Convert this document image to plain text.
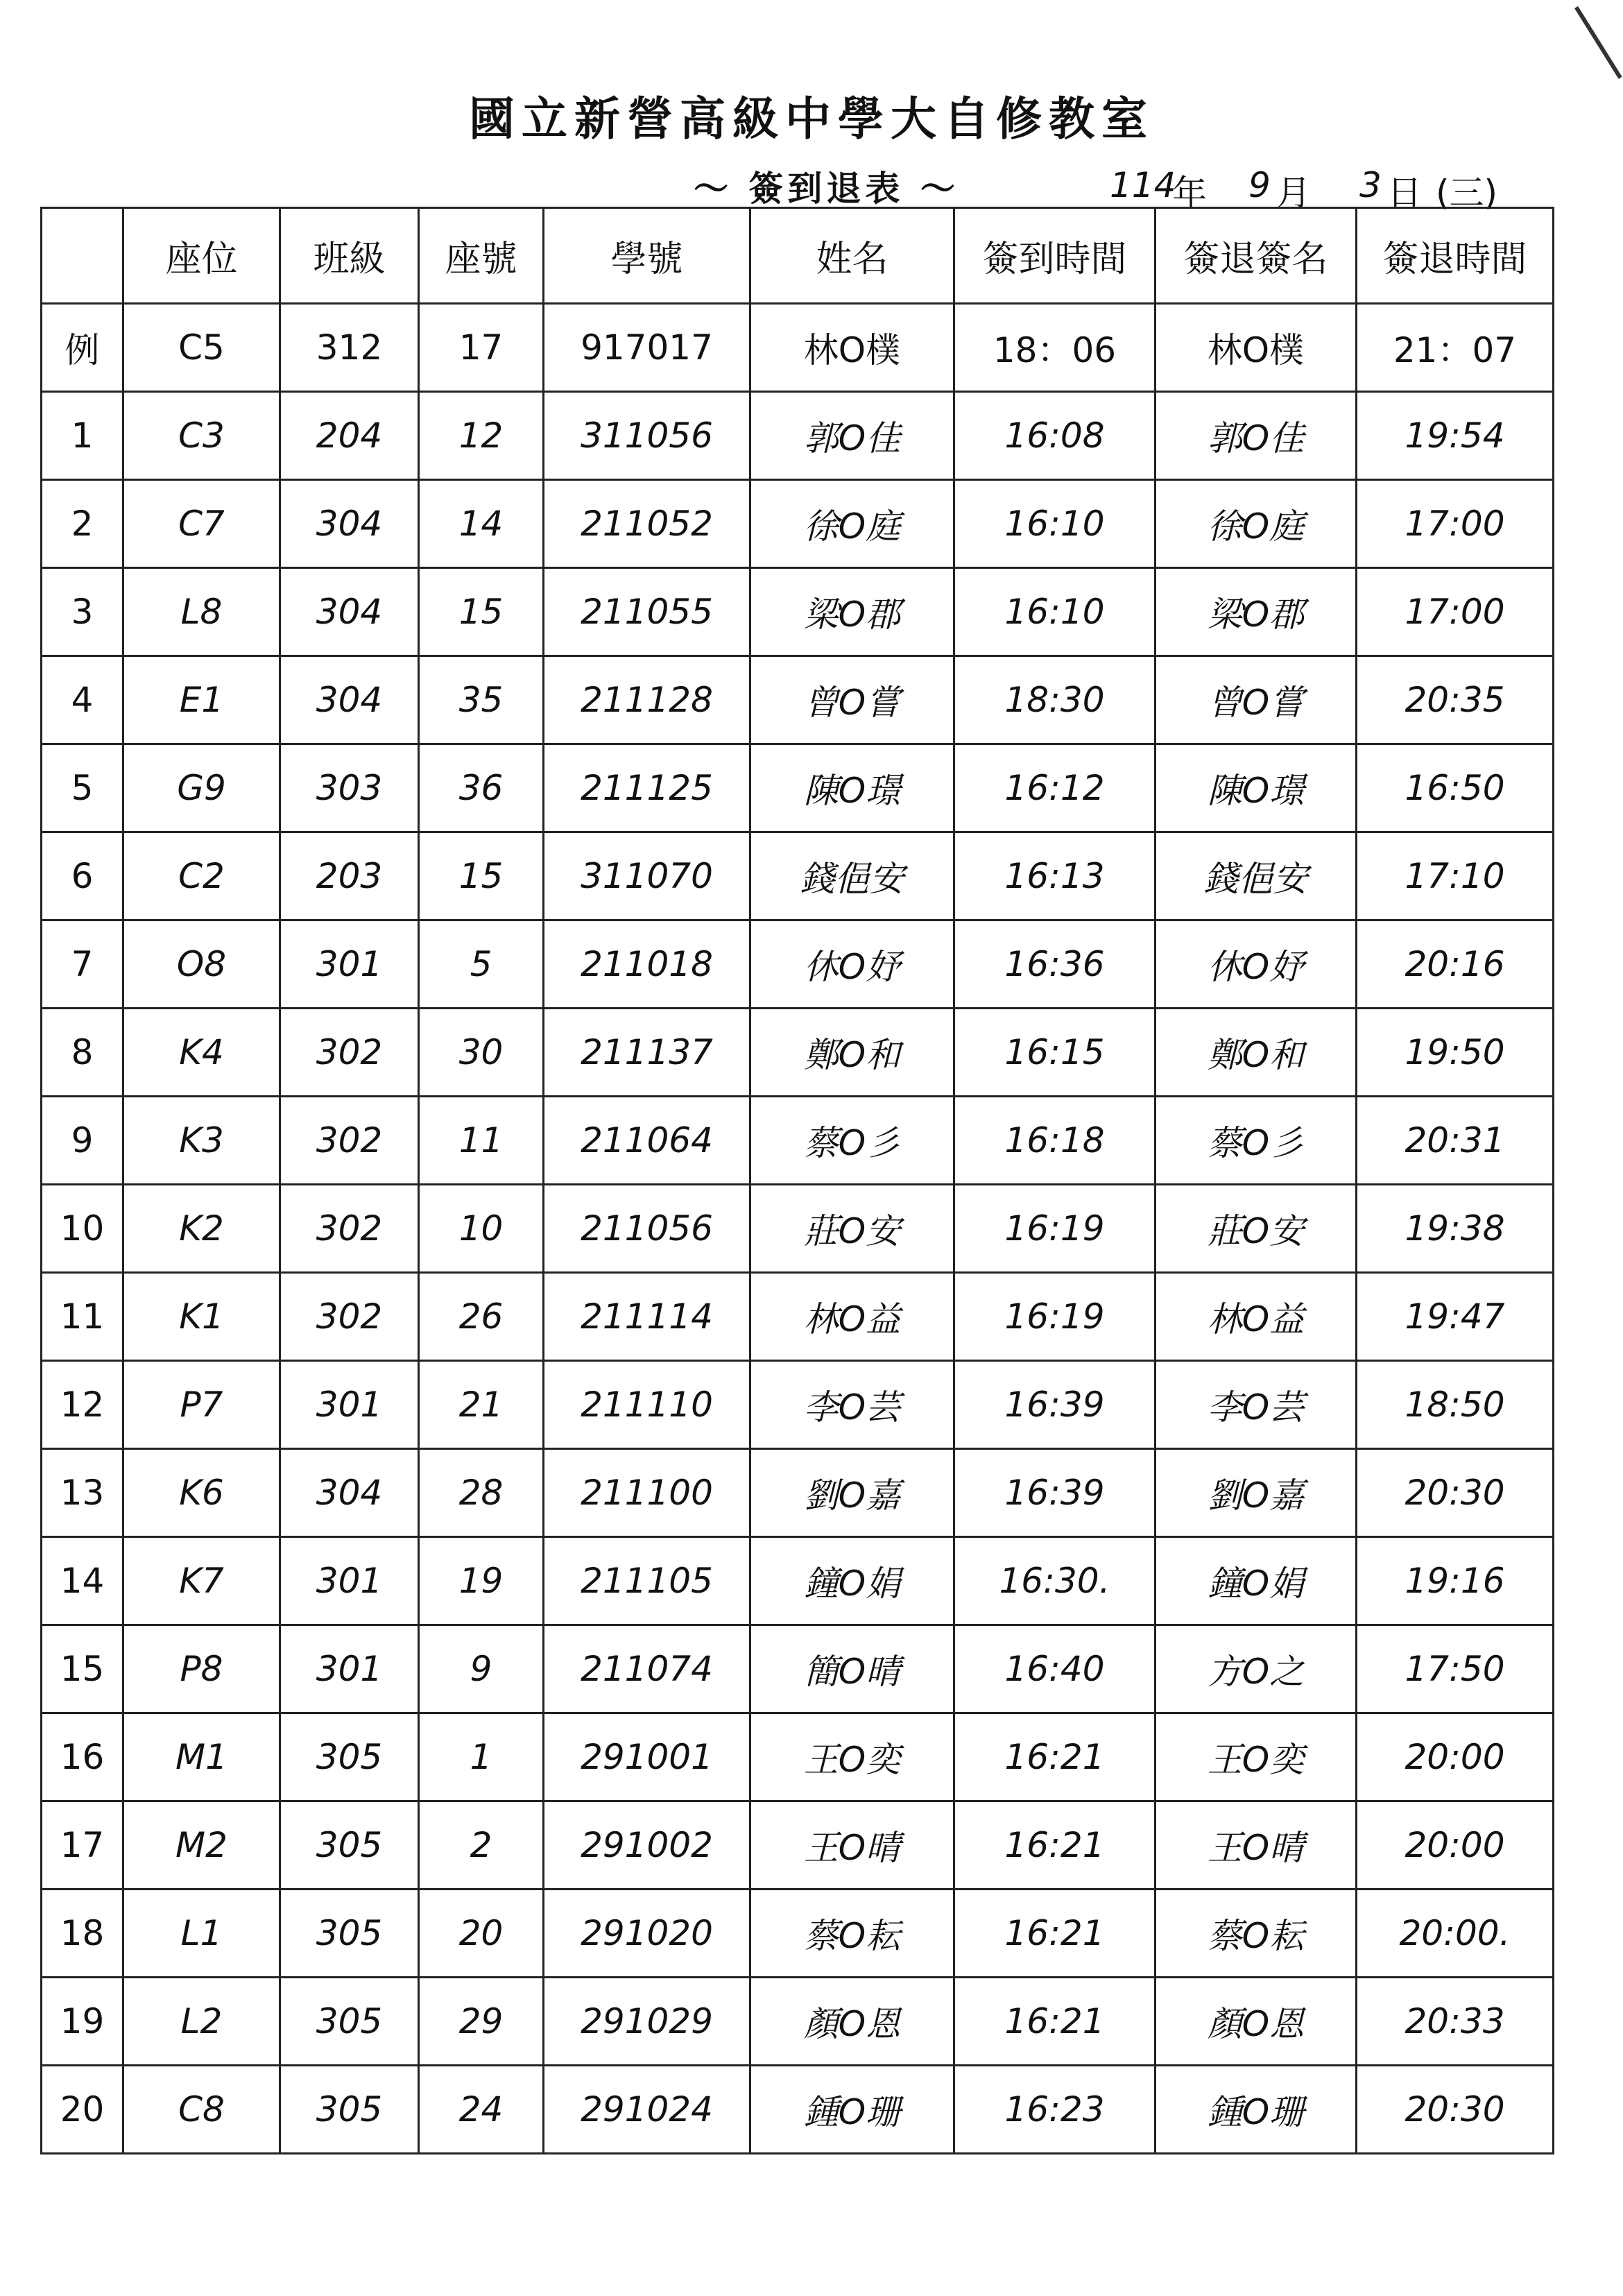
國立新營高級中學大自修教室
～ 簽到退表 ～	114
年 9 月 3 日 (三)
	座位	班級	座號	學號	姓名	簽到時間	簽退簽名	簽退時間
例	C5	312	17	917017	林O樸	18：06	林O樸	21：07
1	C3	204	12	311056	郭O佳	16:08	郭O佳	19:54
2	C7	304	14	211052	徐O庭	16:10	徐O庭	17:00
3	L8	304	15	211055	梁O郡	16:10	梁O郡	17:00
4	E1	304	35	211128	曾O嘗	18:30	曾O嘗	20:35
5	G9	303	36	211125	陳O璟	16:12	陳O璟	16:50
6	C2	203	15	311070	錢俋安	16:13	錢俋安	17:10
7	O8	301	5	211018	休O妤	16:36	休O妤	20:16
8	K4	302	30	211137	鄭O和	16:15	鄭O和	19:50
9	K3	302	11	211064	蔡O彡	16:18	蔡O彡	20:31
10	K2	302	10	211056	莊O安	16:19	莊O安	19:38
11	K1	302	26	211114	林O益	16:19	林O益	19:47
12	P7	301	21	211110	李O芸	16:39	李O芸	18:50
13	K6	304	28	211100	劉O嘉	16:39	劉O嘉	20:30
14	K7	301	19	211105	鐘O娟	16:30.	鐘O娟	19:16
15	P8	301	9	211074	簡O晴	16:40	方O之	17:50
16	M1	305	1	291001	王O奕	16:21	王O奕	20:00
17	M2	305	2	291002	王O晴	16:21	王O晴	20:00
18	L1	305	20	291020	蔡O耘	16:21	蔡O耘	20:00.
19	L2	305	29	291029	顏O恩	16:21	顏O恩	20:33
20	C8	305	24	291024	鍾O珊	16:23	鍾O珊	20:30
